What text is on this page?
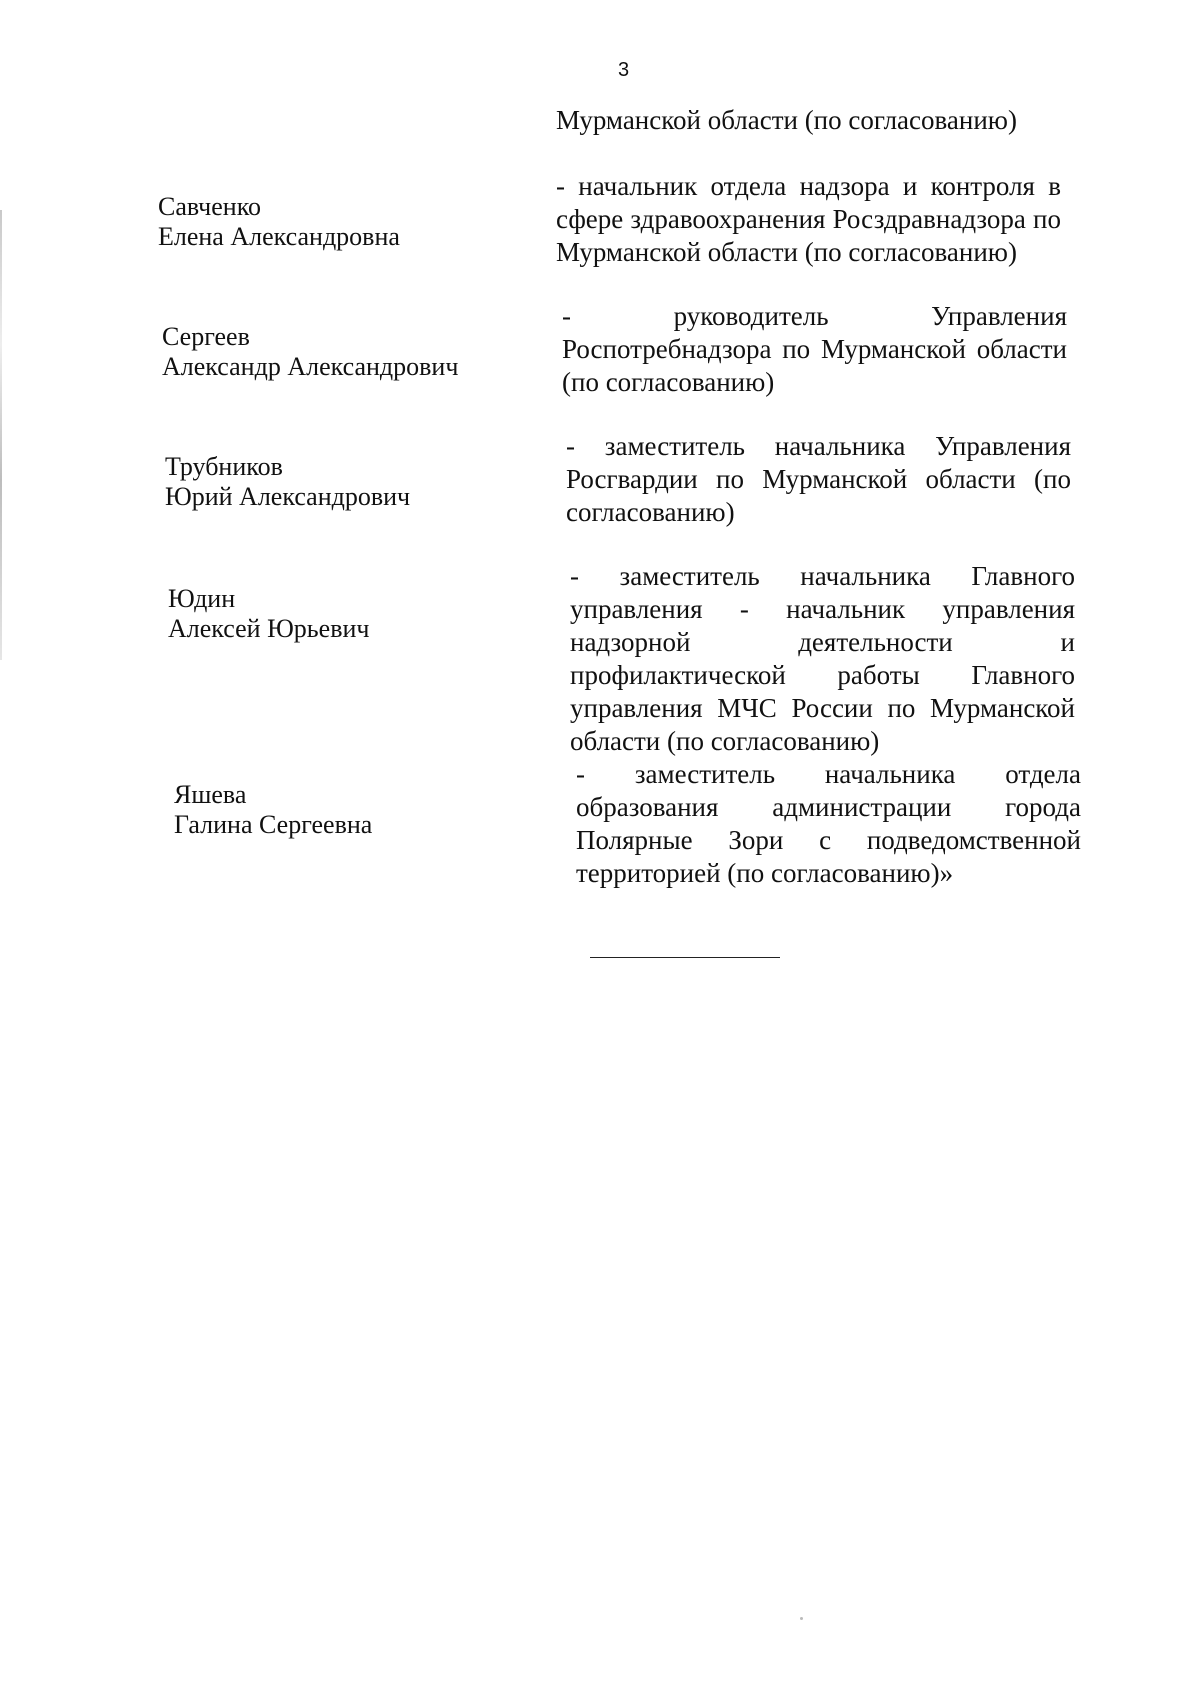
3
Мурманской области (по согласованию)
Савченко
Елена Александровна
- начальник отдела надзора и контроля в сфере здравоохранения Росздравнадзора по Мурманской области (по согласованию)
Сергеев
Александр Александрович
- руководитель Управления Роспотребнадзора по Мурманской области (по согласованию)
Трубников
Юрий Александрович
- заместитель начальника Управления Росгвардии по Мурманской области (по согласованию)
Юдин
Алексей Юрьевич
- заместитель начальника Главного управления - начальник управления надзорной деятельности и профилактической работы Главного управления МЧС России по Мурманской области (по согласованию)
Яшева
Галина Сергеевна
- заместитель начальника отдела образования администрации города Полярные Зори с подведомственной территорией (по согласованию)»
